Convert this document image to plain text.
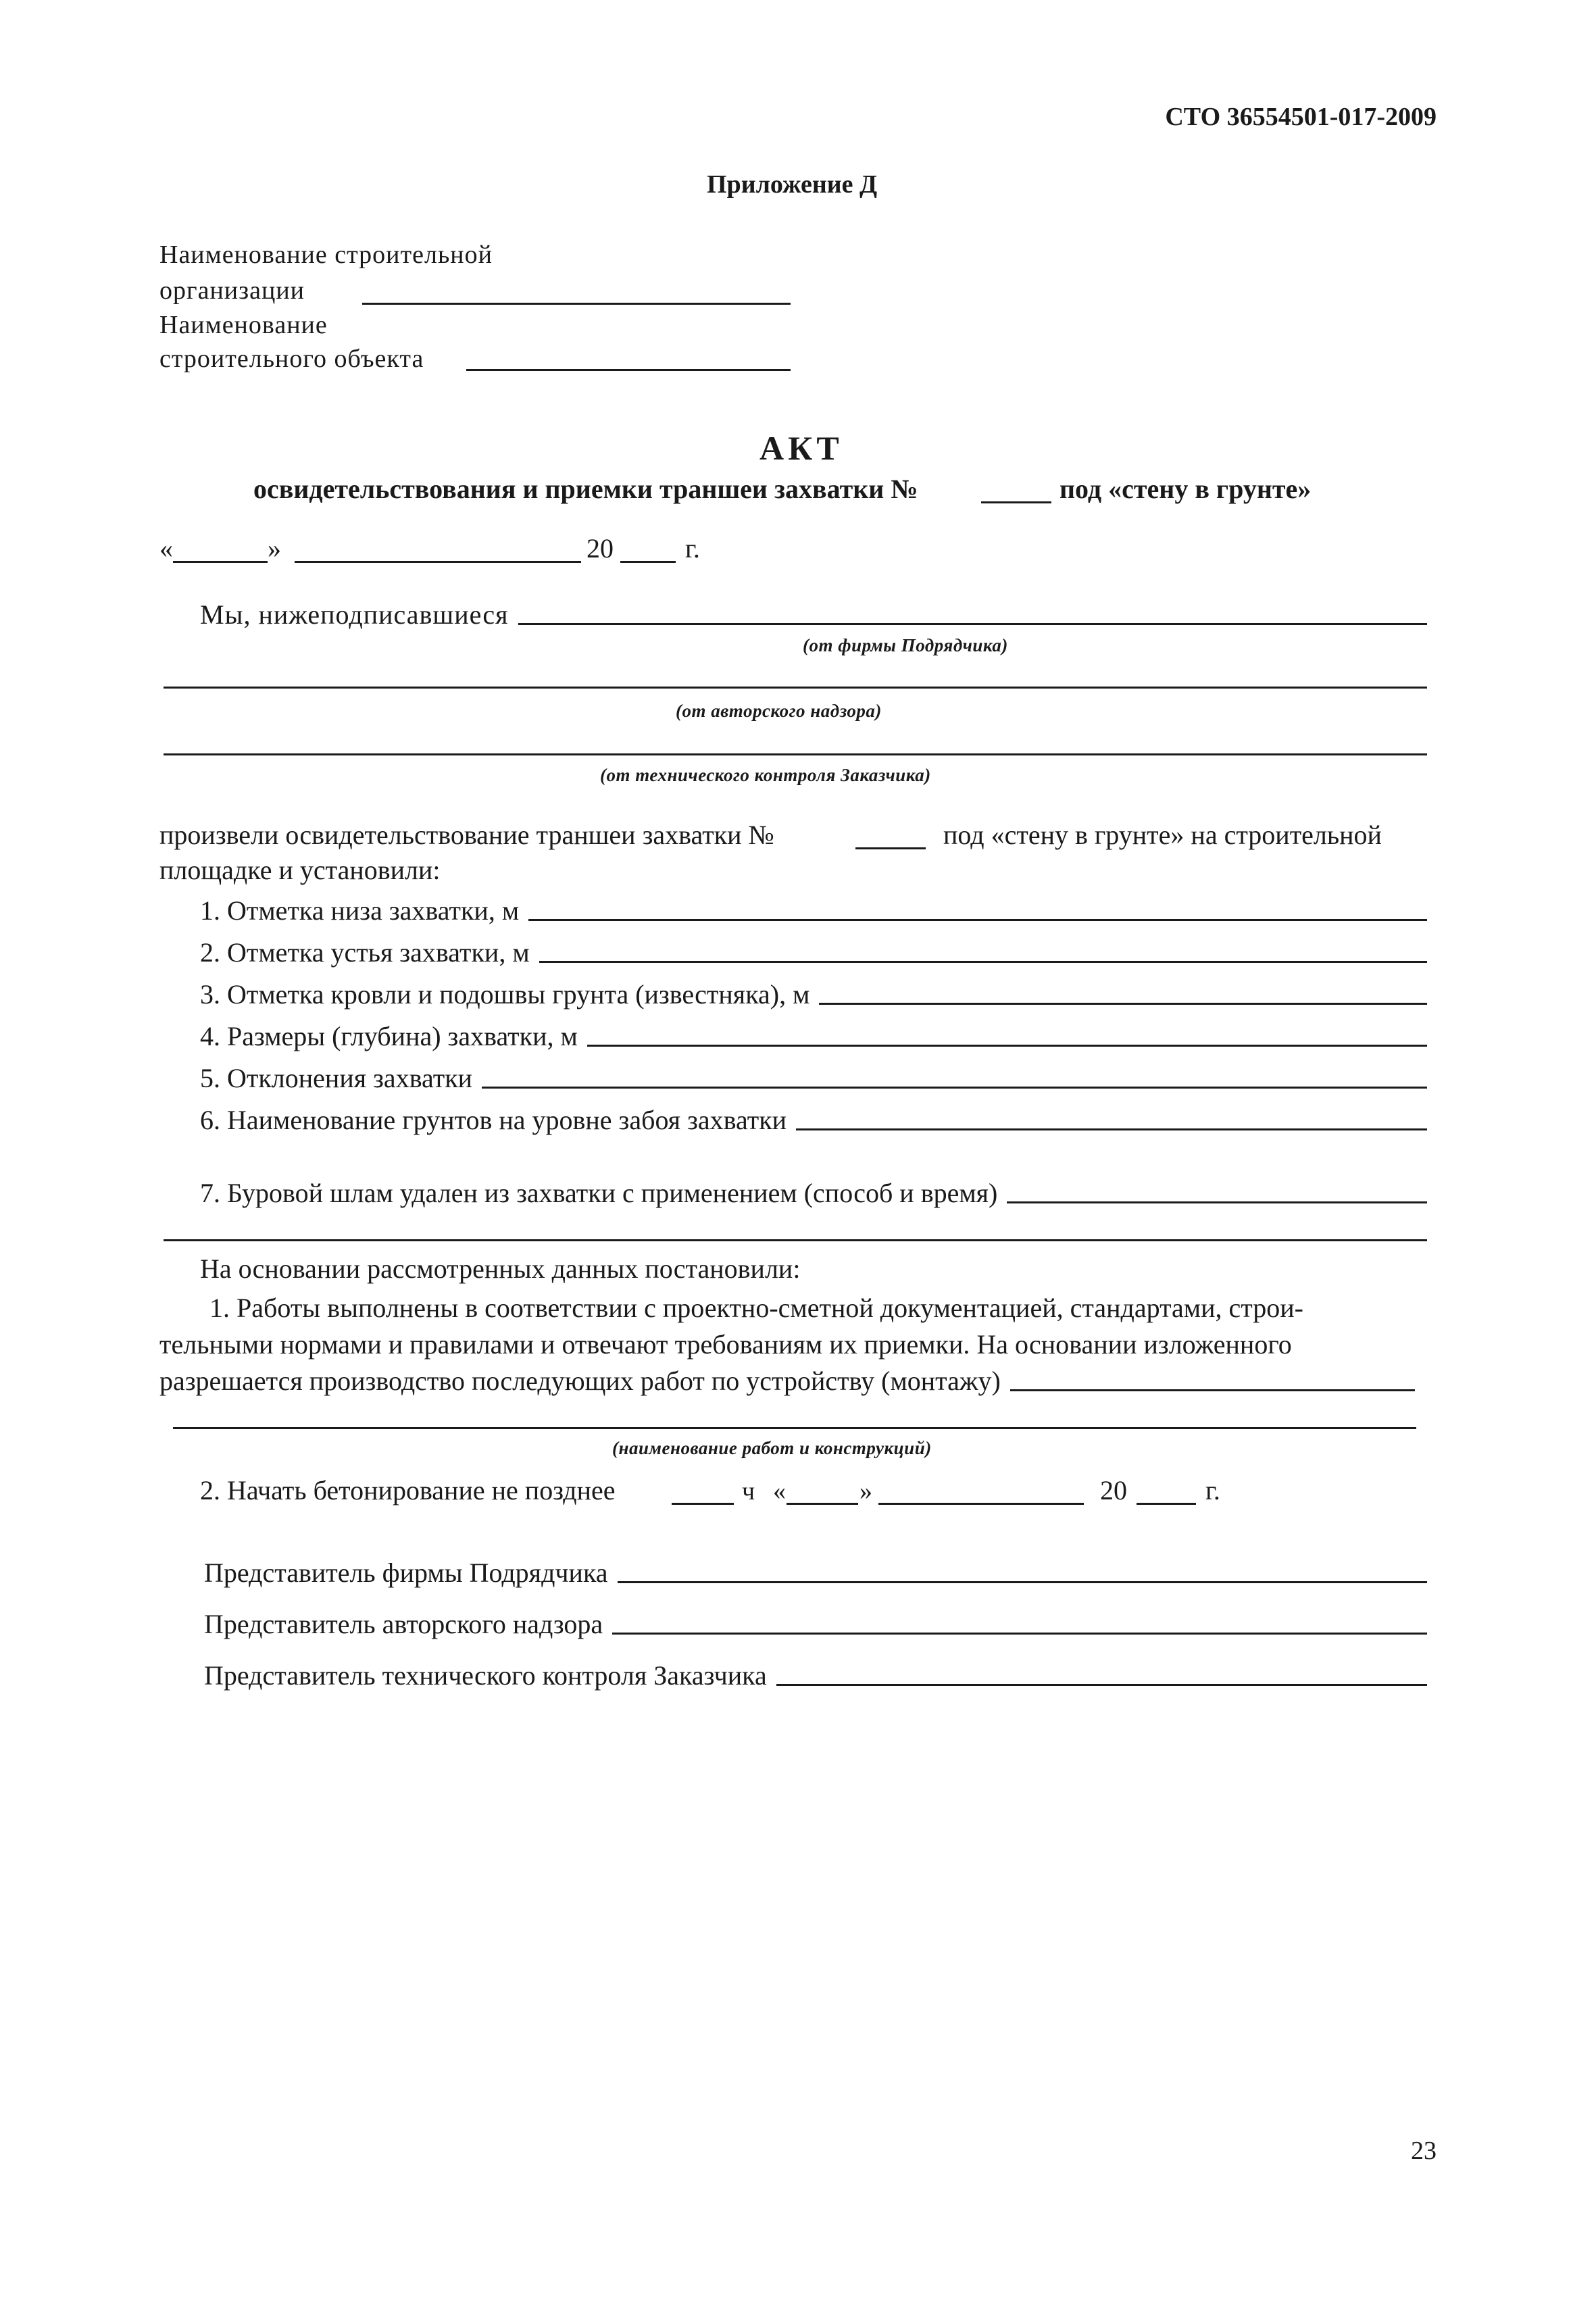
СТО 36554501-017-2009
Приложение Д
Наименование строительной
организации
Наименование
строительного объекта
АКТ
освидетельствования и приемки траншеи захватки №	под «стену в грунте»
«	»	20	г.
Мы, нижеподписавшиеся
(от фирмы Подрядчика)
(от авторского надзора)
(от технического контроля Заказчика)
произвели освидетельствование траншеи захватки №	под «стену в грунте» на строительной
площадке и установили:
1. Отметка низа захватки, м
2. Отметка устья захватки, м
3. Отметка кровли и подошвы грунта (известняка), м
4. Размеры (глубина) захватки, м
5. Отклонения захватки
6. Наименование грунтов на уровне забоя захватки
7. Буровой шлам удален из захватки с применением (способ и время)
На основании рассмотренных данных постановили:
1. Работы выполнены в соответствии с проектно-сметной документацией, стандартами, строи-
тельными нормами и правилами и отвечают требованиям их приемки. На основании изложенного
разрешается производство последующих работ по устройству (монтажу)
(наименование работ и конструкций)
2. Начать бетонирование не позднее	ч «	»	20	г.
Представитель фирмы Подрядчика
Представитель авторского надзора
Представитель технического контроля Заказчика
23
